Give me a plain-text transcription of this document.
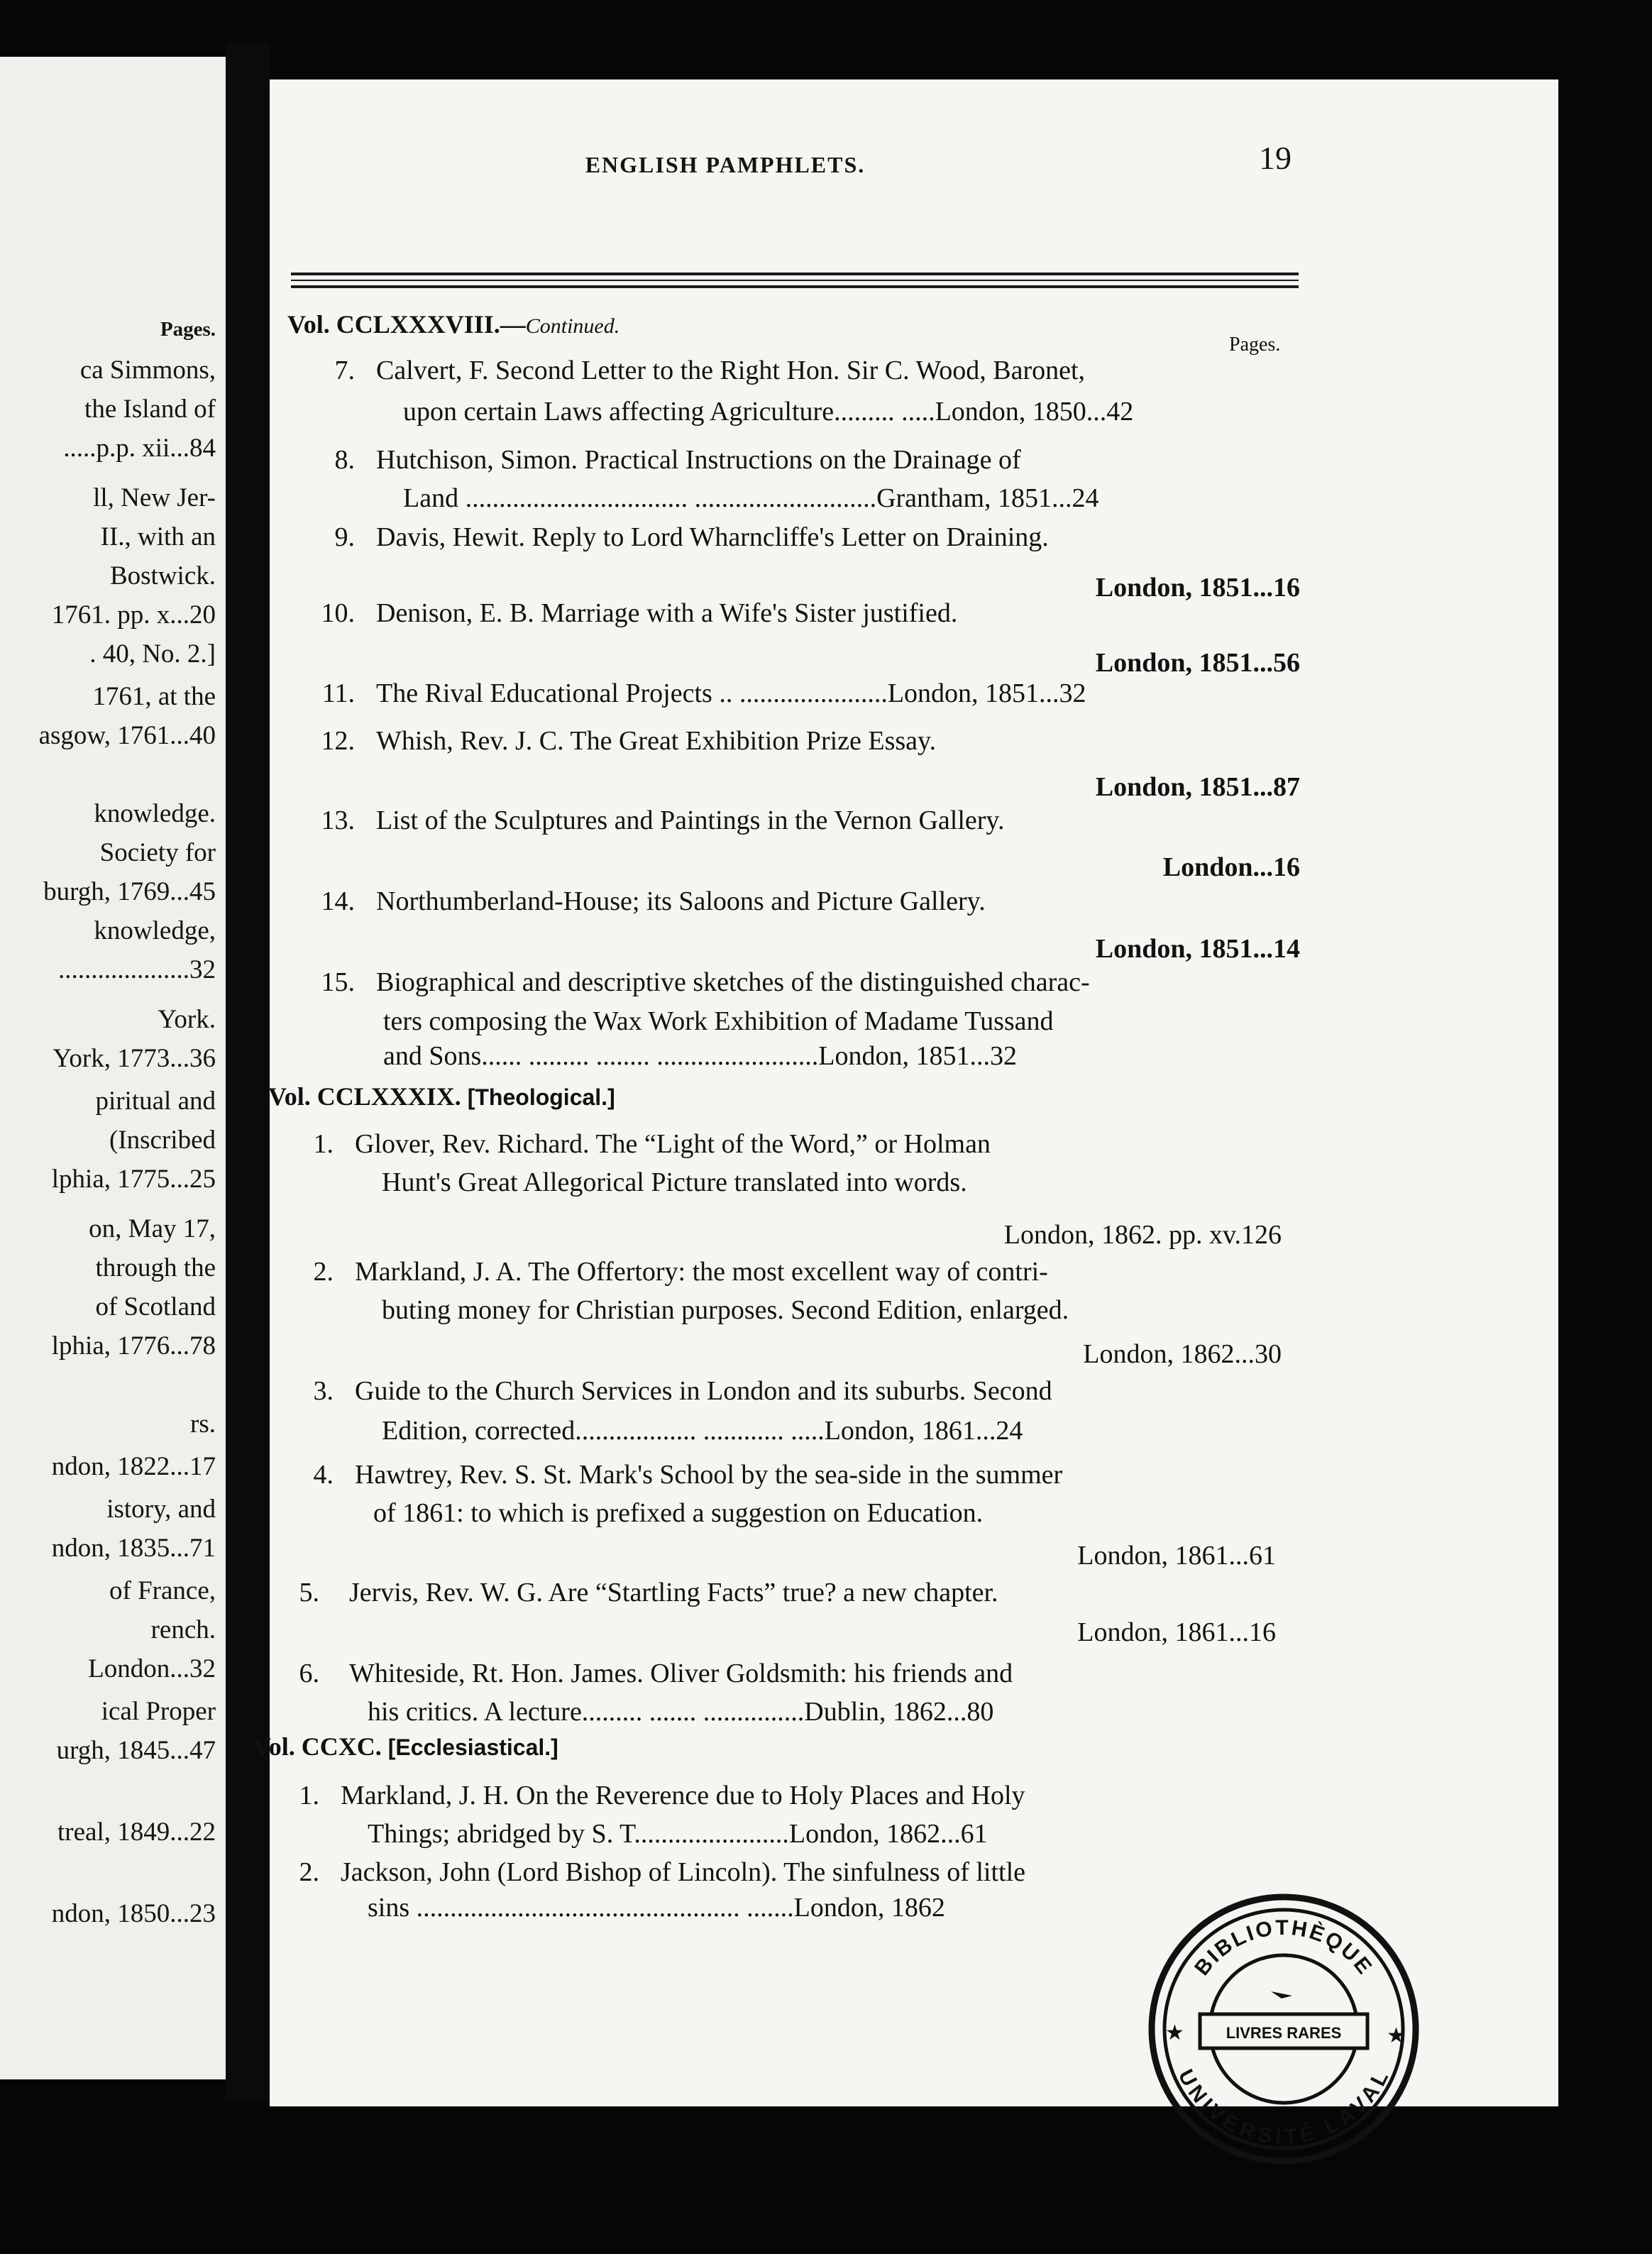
Pages.
ca Simmons,
the Island of
.....p.p. xii...84
ll, New Jer-
II., with an
Bostwick.
1761. pp. x...20
. 40, No. 2.]
1761, at the
asgow, 1761...40
knowledge.
Society for
burgh, 1769...45
knowledge,
....................32
York.
York, 1773...36
piritual and
(Inscribed
lphia, 1775...25
on, May 17,
through the
of Scotland
lphia, 1776...78
rs.
ndon, 1822...17
istory, and
ndon, 1835...71
of France,
rench.
London...32
ical Proper
urgh, 1845...47
treal, 1849...22
ndon, 1850...23
ENGLISH PAMPHLETS.	19
Vol. CCLXXXVIII.—Continued.
Pages.
7. Calvert, F. Second Letter to the Right Hon. Sir C. Wood, Baronet,
upon certain Laws affecting Agriculture......... .....London, 1850...42
8. Hutchison, Simon. Practical Instructions on the Drainage of
Land ................................. ...........................Grantham, 1851...24
9. Davis, Hewit. Reply to Lord Wharncliffe's Letter on Draining.
London, 1851...16
10. Denison, E. B. Marriage with a Wife's Sister justified.
London, 1851...56
11. The Rival Educational Projects .. ......................London, 1851...32
12. Whish, Rev. J. C. The Great Exhibition Prize Essay.
London, 1851...87
13. List of the Sculptures and Paintings in the Vernon Gallery.
London...16
14. Northumberland-House; its Saloons and Picture Gallery.
London, 1851...14
15. Biographical and descriptive sketches of the distinguished charac-
ters composing the Wax Work Exhibition of Madame Tussand
and Sons...... ......... ........ ........................London, 1851...32
Vol. CCLXXXIX. [Theological.]
1. Glover, Rev. Richard. The “Light of the Word,” or Holman
Hunt's Great Allegorical Picture translated into words.
London, 1862. pp. xv.126
2. Markland, J. A. The Offertory: the most excellent way of contri-
buting money for Christian purposes. Second Edition, enlarged.
London, 1862...30
3. Guide to the Church Services in London and its suburbs. Second
Edition, corrected.................. ............ .....London, 1861...24
4. Hawtrey, Rev. S. St. Mark's School by the sea-side in the summer
of 1861: to which is prefixed a suggestion on Education.
London, 1861...61
5. Jervis, Rev. W. G. Are “Startling Facts” true? a new chapter.
London, 1861...16
6. Whiteside, Rt. Hon. James. Oliver Goldsmith: his friends and
his critics. A lecture......... ....... ...............Dublin, 1862...80
Vol. CCXC. [Ecclesiastical.]
1. Markland, J. H. On the Reverence due to Holy Places and Holy
Things; abridged by S. T.......................London, 1862...61
2. Jackson, John (Lord Bishop of Lincoln). The sinfulness of little
sins ................................................ .......London, 1862
BIBLIOTHÈQUE
UNIVERSITÉ LAVAL
LIVRES RARES
★	★
